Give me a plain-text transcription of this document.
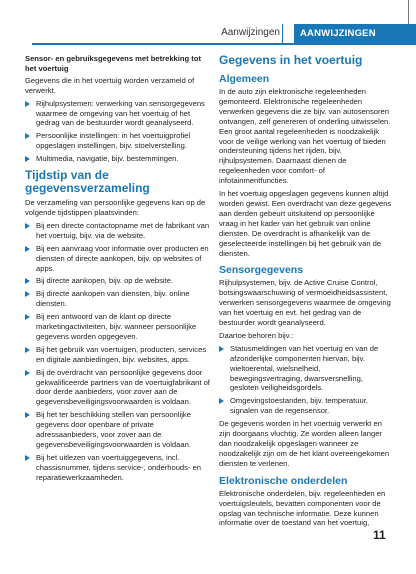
Aanwijzingen AANWIJZINGEN

Sensor- en gebruiksgegevens met betrekking tot het voertuig

Gegevens die in het voertuig worden verzameld of verwerkt.

Rijhulpsystemen: verwerking van sensorgegevens waarmee de omgeving van het voertuig of het gedrag van de bestuurder wordt geanalyseerd.
Persoonlijke instellingen: in het voertuigprofiel opgeslagen instellingen, bijv. stoelverstelling.
Multimedia, navigatie, bijv. bestemmingen.
Tijdstip van de gegevensverzameling

De verzameling van persoonlijke gegevens kan op de volgende tijdstippen plaatsvinden:

Bij een directe contactopname met de fabrikant van het voertuig, bijv. via de website.
Bij een aanvraag voor informatie over producten en diensten of directe aankopen, bijv. op websites of apps.
Bij directe aankopen, bijv. op de website.
Bij directe aankopen van diensten, bijv. online diensten.
Bij een antwoord van de klant op directe marketingactiviteiten, bijv. wanneer persoonlijke gegevens worden opgegeven.
Bij het gebruik van voertuigen, producten, services en digitale aanbiedingen, bijv. websites, apps.
Bij de overdracht van persoonlijke gegevens door gekwalificeerde partners van de voertuigfabrikant of door derde aanbieders, voor zover aan de gegevensbeveiligingsvoorwaarden is voldaan.
Bij het ter beschikking stellen van persoonlijke gegevens door openbare of private adressaanbieders, voor zover aan de gegevensbeveiligingsvoorwaarden is voldaan.
Bij het uitlezen van voertuiggegevens, incl. chassisnummer, tijdens service-, onderhouds- en reparatiewerkzaamheden.
Gegevens in het voertuig
Algemeen

In de auto zijn elektronische regeleenheden gemonteerd. Elektronische regeleenheden verwerken gegevens die ze bijv. van autosensoren ontvangen, zelf genereren of onderling uitwisselen. Een groot aantal regeleenheden is noodzakelijk voor de veilige werking van het voertuig of bieden ondersteuning tijdens het rijden, bijv. rijhulpsystemen. Daarnaast dienen de regeleenheden voor comfort- of infotainmentfuncties.

In het voertuig opgeslagen gegevens kunnen altijd worden gewist. Een overdracht van deze gegevens aan derden gebeurt uitsluitend op persoonlijke vraag in het kader van het gebruik van online diensten. De overdracht is afhankelijk van de geselecteerde instellingen bij het gebruik van de diensten.

Sensorgegevens

Rijhulpsystemen, bijv. de Active Cruise Control, botsingswaarschuwing of vermoeidheidsassistent, verwerken sensorgegevens waarmee de omgeving van het voertuig en evt. het gedrag van de bestuurder wordt geanalyseerd.

Daartoe behoren bijv.:

Statusmeldingen van het voertuig en van de afzonderlijke componenten hiervan, bijv. wieltoerental, wielsnelheid, bewegingsvertraging, dwarsversnelling, gesloten veiligheidsgordels.
Omgevingstoestanden, bijv. temperatuur, signalen van de regensensor.

De gegevens worden in het voertuig verwerkt en zijn doorgaans vluchtig. Ze worden alleen langer dan noodzakelijk opgeslagen wanneer ze noodzakelijk zijn om de het klant overeengekomen diensten te verlenen.

Elektronische onderdelen

Elektronische onderdelen, bijv. regeleenheden en voertuigsleutels, bevatten componenten voor de opslag van technische informatie. Deze kunnen informatie over de toestand van het voertuig,

11
